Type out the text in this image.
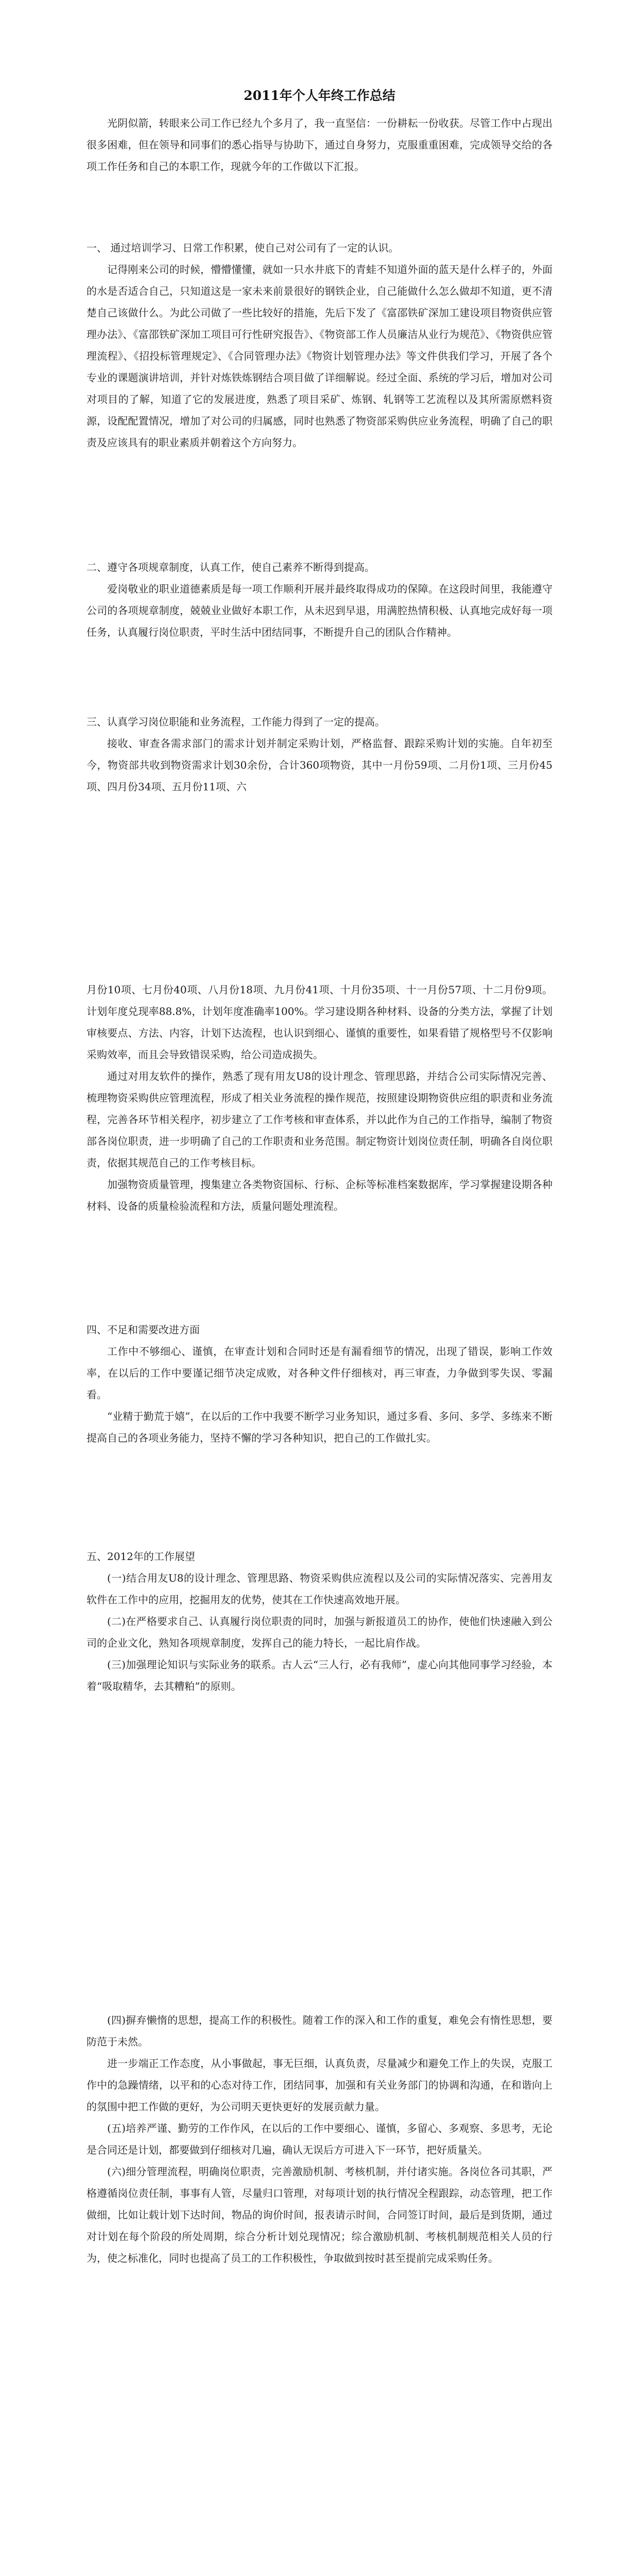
2011年个人年终工作总结

光阴似箭，转眼来公司工作已经九个多月了，我一直坚信：一份耕耘一份收获。尽管工作中占现出很多困难，但在领导和同事们的悉心指导与协助下，通过自身努力，克服重重困难，完成领导交给的各项工作任务和自己的本职工作，现就今年的工作做以下汇报。

一、 通过培训学习、日常工作积累，使自己对公司有了一定的认识。

记得刚来公司的时候，懵懵懂懂，就如一只水井底下的青蛙不知道外面的蓝天是什么样子的，外面的水是否适合自己，只知道这是一家未来前景很好的钢铁企业，自己能做什么怎么做却不知道，更不清楚自己该做什么。为此公司做了一些比较好的措施，先后下发了《富邵铁矿深加工建设项目物资供应管理办法》、《富邵铁矿深加工项目可行性研究报告》、《物资部工作人员廉洁从业行为规范》、《物资供应管理流程》、《招投标管理规定》、《合同管理办法》《物资计划管理办法》等文件供我们学习，开展了各个专业的课题演讲培训，并针对炼铁炼钢结合项目做了详细解说。经过全面、系统的学习后，增加对公司对项目的了解，知道了它的发展进度，熟悉了项目采矿、炼钢、轧钢等工艺流程以及其所需原燃料资源，设配配置情况，增加了对公司的归属感，同时也熟悉了物资部采购供应业务流程，明确了自己的职责及应该具有的职业素质并朝着这个方向努力。

二、遵守各项规章制度，认真工作，使自己素养不断得到提高。

爱岗敬业的职业道德素质是每一项工作顺利开展并最终取得成功的保障。在这段时间里，我能遵守公司的各项规章制度，兢兢业业做好本职工作，从未迟到早退，用满腔热情积极、认真地完成好每一项任务，认真履行岗位职责，平时生活中团结同事，不断提升自己的团队合作精神。

三、认真学习岗位职能和业务流程，工作能力得到了一定的提高。

接收、审查各需求部门的需求计划并制定采购计划，严格监督、跟踪采购计划的实施。自年初至今，物资部共收到物资需求计划30余份，合计360项物资，其中一月份59项、二月份1项、三月份45项、四月份34项、五月份11项、六

月份10项、七月份40项、八月份18项、九月份41项、十月份35项、十一月份57项、十二月份9项。计划年度兑现率88.8%，计划年度准确率100%。学习建设期各种材料、设备的分类方法，掌握了计划审核要点、方法、内容，计划下达流程，也认识到细心、谨慎的重要性，如果看错了规格型号不仅影响采购效率，而且会导致错误采购，给公司造成损失。

通过对用友软件的操作，熟悉了现有用友U8的设计理念、管理思路，并结合公司实际情况完善、梳理物资采购供应管理流程，形成了相关业务流程的操作规范，按照建设期物资供应组的职责和业务流程，完善各环节相关程序，初步建立了工作考核和审查体系，并以此作为自己的工作指导，编制了物资部各岗位职责，进一步明确了自己的工作职责和业务范围。制定物资计划岗位责任制，明确各自岗位职责，依据其规范自己的工作考核目标。

加强物资质量管理，搜集建立各类物资国标、行标、企标等标准档案数据库，学习掌握建设期各种材料、设备的质量检验流程和方法，质量问题处理流程。

四、不足和需要改进方面

工作中不够细心、谨慎，在审查计划和合同时还是有漏看细节的情况，出现了错误，影响工作效率，在以后的工作中要谨记细节决定成败，对各种文件仔细核对，再三审查，力争做到零失误、零漏看。

“业精于勤荒于嬉”，在以后的工作中我要不断学习业务知识，通过多看、多问、多学、多练来不断提高自己的各项业务能力，坚持不懈的学习各种知识，把自己的工作做扎实。

五、2012年的工作展望

(一)结合用友U8的设计理念、管理思路、物资采购供应流程以及公司的实际情况落实、完善用友软件在工作中的应用，挖掘用友的优势，使其在工作快速高效地开展。

(二)在严格要求自己、认真履行岗位职责的同时，加强与新报道员工的协作，使他们快速融入到公司的企业文化，熟知各项规章制度，发挥自己的能力特长，一起比肩作战。

(三)加强理论知识与实际业务的联系。古人云“三人行，必有我师”，虚心向其他同事学习经验，本着“吸取精华，去其糟粕”的原则。

(四)摒弃懒惰的思想，提高工作的积极性。随着工作的深入和工作的重复，难免会有惰性思想，要防范于未然。

进一步端正工作态度，从小事做起，事无巨细，认真负责，尽量减少和避免工作上的失误，克服工作中的急躁情绪，以平和的心态对待工作，团结同事，加强和有关业务部门的协调和沟通，在和谐向上的氛围中把工作做的更好，为公司明天更快更好的发展贡献力量。

(五)培养严谨、勤劳的工作作风，在以后的工作中要细心、谨慎，多留心、多观察、多思考，无论是合同还是计划，都要做到仔细核对几遍，确认无误后方可进入下一环节，把好质量关。

(六)细分管理流程，明确岗位职责，完善激励机制、考核机制，并付诸实施。各岗位各司其职，严格遵循岗位责任制，事事有人管，尽量归口管理，对每项计划的执行情况全程跟踪，动态管理，把工作做细，比如让载计划下达时间，物品的询价时间，报表请示时间，合同签订时间，最后是到货期，通过对计划在每个阶段的所处周期，综合分析计划兑现情况；综合激励机制、考核机制规范相关人员的行为，使之标准化，同时也提高了员工的工作积极性，争取做到按时甚至提前完成采购任务。
